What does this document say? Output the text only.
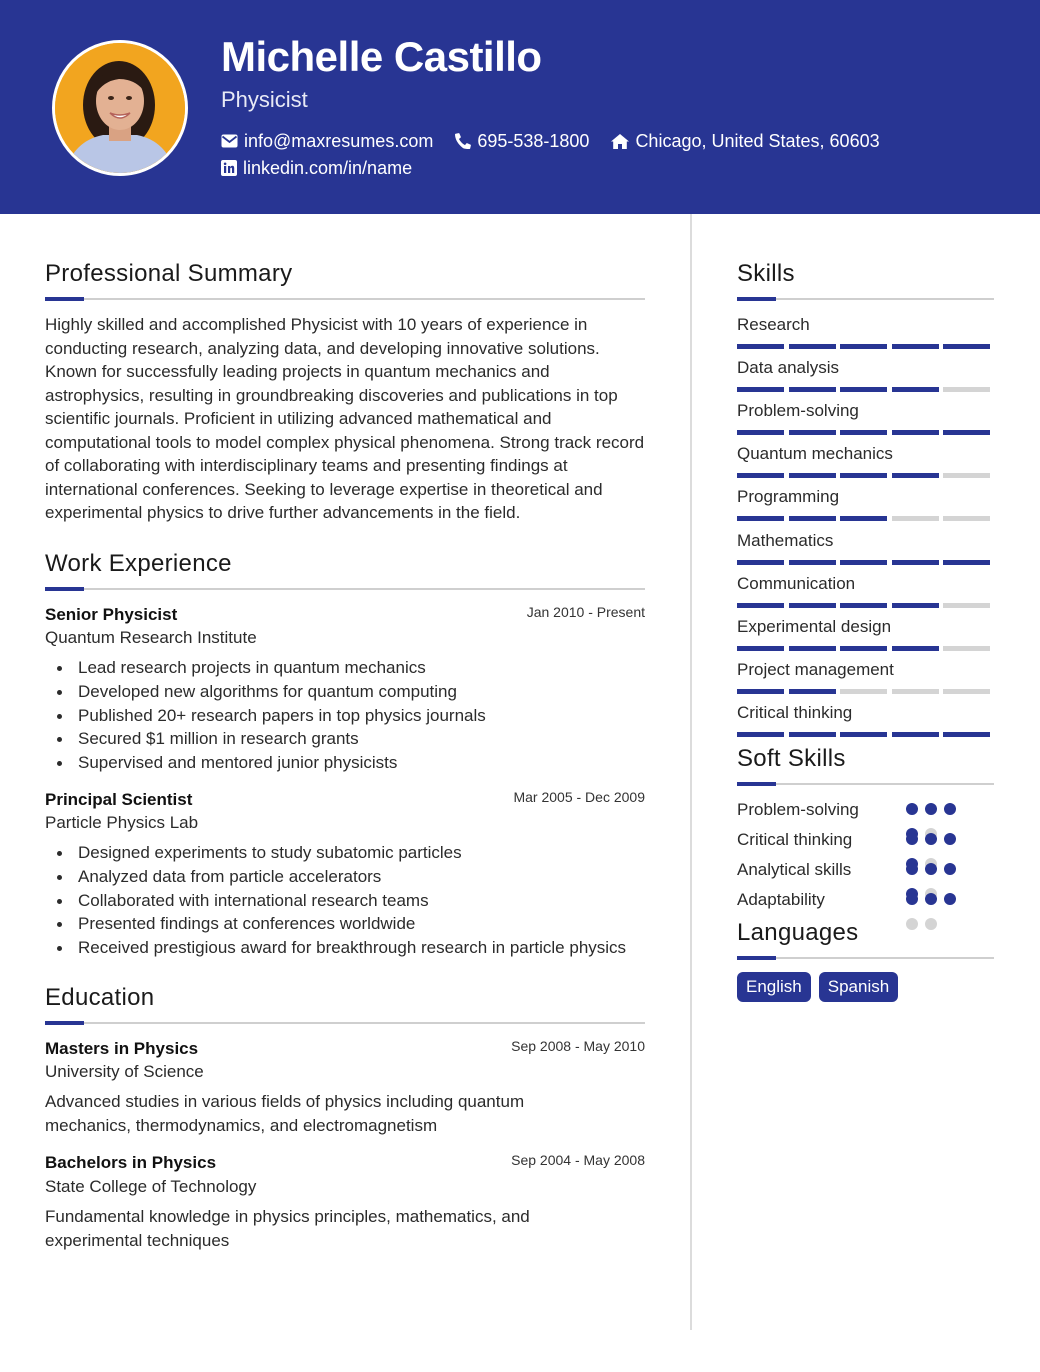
Michelle Castillo
Physicist
info@maxresumes.com 695-538-1800	Chicago, United States, 60603
linkedin.com/in/name
Professional Summary
Highly skilled and accomplished Physicist with 10 years of experience in conducting research, analyzing data, and developing innovative solutions. Known for successfully leading projects in quantum mechanics and astrophysics, resulting in groundbreaking discoveries and publications in top scientific journals. Proficient in utilizing advanced mathematical and computational tools to model complex physical phenomena. Strong track record of collaborating with interdisciplinary teams and presenting findings at international conferences. Seeking to leverage expertise in theoretical and experimental physics to drive further advancements in the field.
Work Experience
Senior Physicist	Jan 2010 - Present
Quantum Research Institute
Lead research projects in quantum mechanics
Developed new algorithms for quantum computing
Published 20+ research papers in top physics journals
Secured $1 million in research grants
Supervised and mentored junior physicists
Principal Scientist	Mar 2005 - Dec 2009
Particle Physics Lab
Designed experiments to study subatomic particles
Analyzed data from particle accelerators
Collaborated with international research teams
Presented findings at conferences worldwide
Received prestigious award for breakthrough research in particle physics
Education
Masters in Physics	Sep 2008 - May 2010
University of Science
Advanced studies in various fields of physics including quantum mechanics, thermodynamics, and electromagnetism
Bachelors in Physics	Sep 2004 - May 2008
State College of Technology
Fundamental knowledge in physics principles, mathematics, and experimental techniques
Skills
Research
Data analysis
Problem-solving
Quantum mechanics
Programming
Mathematics
Communication
Experimental design
Project management
Critical thinking
Soft Skills
Problem-solving
Critical thinking
Analytical skills
Adaptability
Languages
English	Spanish
